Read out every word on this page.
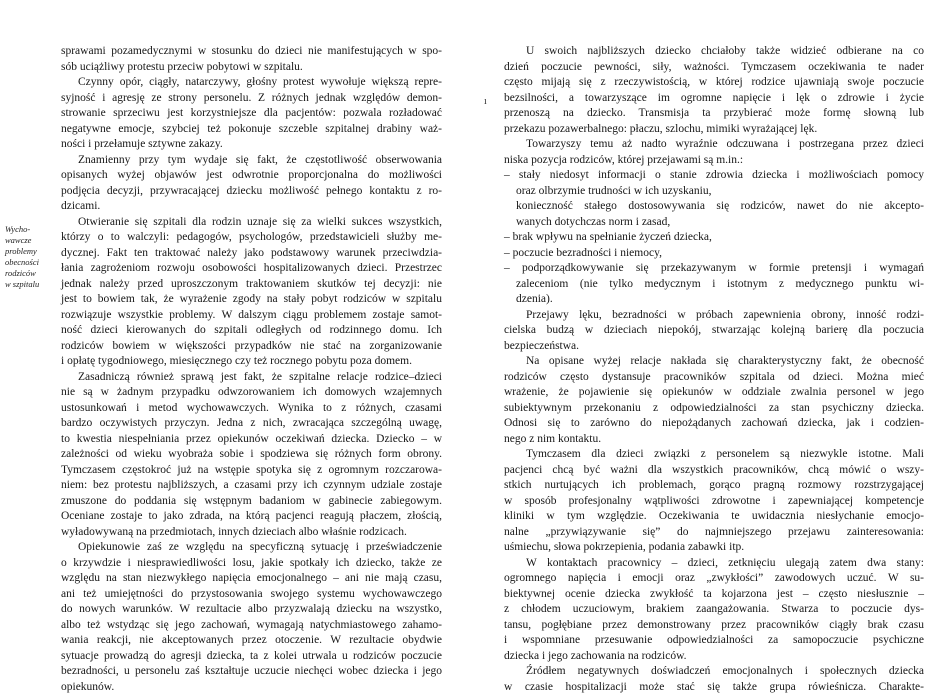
Wycho-
wawcze
problemy
obecności
rodziców
w szpitalu
sprawami pozamedycznymi w stosunku do dzieci nie manifestujących w spo-
sób uciążliwy protestu przeciw pobytowi w szpitalu.
Czynny opór, ciągły, natarczywy, głośny protest wywołuje większą repre-
syjność i agresję ze strony personelu. Z różnych jednak względów demon-
strowanie sprzeciwu jest korzystniejsze dla pacjentów: pozwala rozładować
negatywne emocje, szybciej też pokonuje szczeble szpitalnej drabiny waż-
ności i przełamuje sztywne zakazy.
Znamienny przy tym wydaje się fakt, że częstotliwość obserwowania
opisanych wyżej objawów jest odwrotnie proporcjonalna do możliwości
podjęcia decyzji, przywracającej dziecku możliwość pełnego kontaktu z ro-
dzicami.
Otwieranie się szpitali dla rodzin uznaje się za wielki sukces wszystkich,
którzy o to walczyli: pedagogów, psychologów, przedstawicieli służby me-
dycznej. Fakt ten traktować należy jako podstawowy warunek przeciwdzia-
łania zagrożeniom rozwoju osobowości hospitalizowanych dzieci. Przestrzec
jednak należy przed uproszczonym traktowaniem skutków tej decyzji: nie
jest to bowiem tak, że wyrażenie zgody na stały pobyt rodziców w szpitalu
rozwiązuje wszystkie problemy. W dalszym ciągu problemem zostaje samot-
ność dzieci kierowanych do szpitali odległych od rodzinnego domu. Ich
rodziców bowiem w większości przypadków nie stać na zorganizowanie
i opłatę tygodniowego, miesięcznego czy też rocznego pobytu poza domem.
Zasadniczą również sprawą jest fakt, że szpitalne relacje rodzice–dzieci
nie są w żadnym przypadku odwzorowaniem ich domowych wzajemnych
ustosunkowań i metod wychowawczych. Wynika to z różnych, czasami
bardzo oczywistych przyczyn. Jedna z nich, zwracająca szczególną uwagę,
to kwestia niespełniania przez opiekunów oczekiwań dziecka. Dziecko – w
zależności od wieku wyobraża sobie i spodziewa się różnych form obrony.
Tymczasem częstokroć już na wstępie spotyka się z ogromnym rozczarowa-
niem: bez protestu najbliższych, a czasami przy ich czynnym udziale zostaje
zmuszone do poddania się wstępnym badaniom w gabinecie zabiegowym.
Oceniane zostaje to jako zdrada, na którą pacjenci reagują płaczem, złością,
wyładowywaną na przedmiotach, innych dzieciach albo właśnie rodzicach.
Opiekunowie zaś ze względu na specyficzną sytuację i przeświadczenie
o krzywdzie i niesprawiedliwości losu, jakie spotkały ich dziecko, także ze
względu na stan niezwykłego napięcia emocjonalnego – ani nie mają czasu,
ani też umiejętności do przystosowania swojego systemu wychowawczego
do nowych warunków. W rezultacie albo przyzwalają dziecku na wszystko,
albo też wstydząc się jego zachowań, wymagają natychmiastowego zahamo-
wania reakcji, nie akceptowanych przez otoczenie. W rezultacie obydwie
sytuacje prowadzą do agresji dziecka, ta z kolei utrwala u rodziców poczucie
bezradności, u personelu zaś kształtuje uczucie niechęci wobec dziecka i jego
opiekunów.
ı
U swoich najbliższych dziecko chciałoby także widzieć odbierane na co
dzień poczucie pewności, siły, ważności. Tymczasem oczekiwania te nader
często mijają się z rzeczywistością, w której rodzice ujawniają swoje poczucie
bezsilności, a towarzyszące im ogromne napięcie i lęk o zdrowie i życie
przenoszą na dziecko. Transmisja ta przybierać może formę słowną lub
przekazu pozawerbalnego: płaczu, szlochu, mimiki wyrażającej lęk.
Towarzyszy temu aż nadto wyraźnie odczuwana i postrzegana przez dzieci
niska pozycja rodziców, której przejawami są m.in.:
– stały niedosyt informacji o stanie zdrowia dziecka i możliwościach pomocy
oraz olbrzymie trudności w ich uzyskaniu,
konieczność stałego dostosowywania się rodziców, nawet do nie akcepto-
wanych dotychczas norm i zasad,
– brak wpływu na spełnianie życzeń dziecka,
– poczucie bezradności i niemocy,
– podporządkowywanie się przekazywanym w formie pretensji i wymagań
zaleceniom (nie tylko medycznym i istotnym z medycznego punktu wi-
dzenia).
Przejawy lęku, bezradności w próbach zapewnienia obrony, inność rodzi-
cielska budzą w dzieciach niepokój, stwarzając kolejną barierę dla poczucia
bezpieczeństwa.
Na opisane wyżej relacje nakłada się charakterystyczny fakt, że obecność
rodziców często dystansuje pracowników szpitala od dzieci. Można mieć
wrażenie, że pojawienie się opiekunów w oddziale zwalnia personel w jego
subiektywnym przekonaniu z odpowiedzialności za stan psychiczny dziecka.
Odnosi się to zarówno do niepożądanych zachowań dziecka, jak i codzien-
nego z nim kontaktu.
Tymczasem dla dzieci związki z personelem są niezwykle istotne. Mali
pacjenci chcą być ważni dla wszystkich pracowników, chcą mówić o wszy-
stkich nurtujących ich problemach, gorąco pragną rozmowy rozstrzygającej
w sposób profesjonalny wątpliwości zdrowotne i zapewniającej kompetencje
kliniki w tym względzie. Oczekiwania te uwidacznia niesłychanie emocjo-
nalne „przywiązywanie się” do najmniejszego przejawu zainteresowania:
uśmiechu, słowa pokrzepienia, podania zabawki itp.
W kontaktach pracownicy – dzieci, zetknięciu ulegają zatem dwa stany:
ogromnego napięcia i emocji oraz „zwykłości” zawodowych uczuć. W su-
biektywnej ocenie dziecka zwykłość ta kojarzona jest – często niesłusznie –
z chłodem uczuciowym, brakiem zaangażowania. Stwarza to poczucie dys-
tansu, pogłębiane przez demonstrowany przez pracowników ciągły brak czasu
i wspomniane przesuwanie odpowiedzialności za samopoczucie psychiczne
dziecka i jego zachowania na rodziców.
Źródłem negatywnych doświadczeń emocjonalnych i społecznych dziecka
w czasie hospitalizacji może stać się także grupa rówieśnicza. Charakte-
